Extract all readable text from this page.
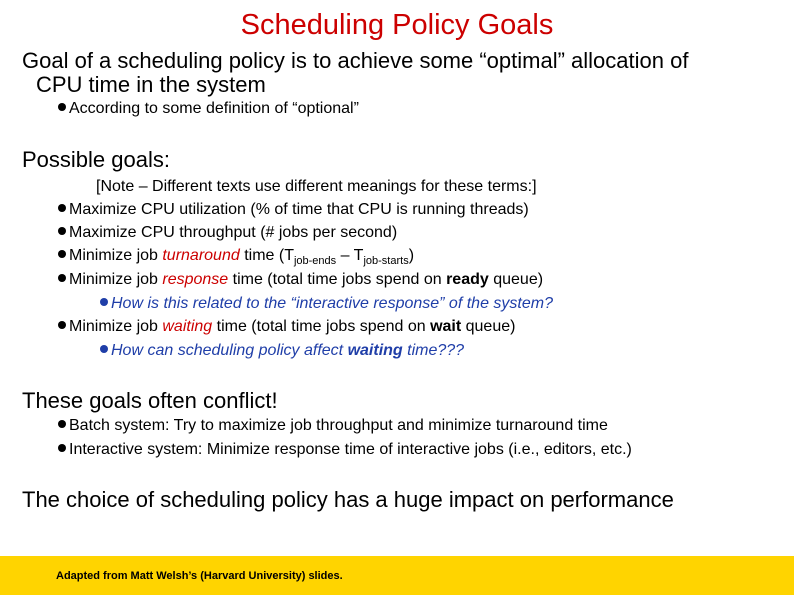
Scheduling Policy Goals
Goal of a scheduling policy is to achieve some “optimal” allocation of
CPU time in the system
According to some definition of “optional”
Possible goals:
[Note – Different texts use different meanings for these terms:]
Maximize CPU utilization (% of time that CPU is running threads)
Maximize CPU throughput (# jobs per second)
Minimize job turnaround time $(T_{job-ends} - T_{job-starts})$
Minimize job response time (total time jobs spend on ready queue)
How is this related to the “interactive response” of the system?
Minimize job waiting time (total time jobs spend on wait queue)
How can scheduling policy affect waiting time???
These goals often conflict!
Batch system: Try to maximize job throughput and minimize turnaround time
Interactive system: Minimize response time of interactive jobs (i.e., editors, etc.)
The choice of scheduling policy has a huge impact on performance
Adapted from Matt Welsh’s (Harvard University) slides.
